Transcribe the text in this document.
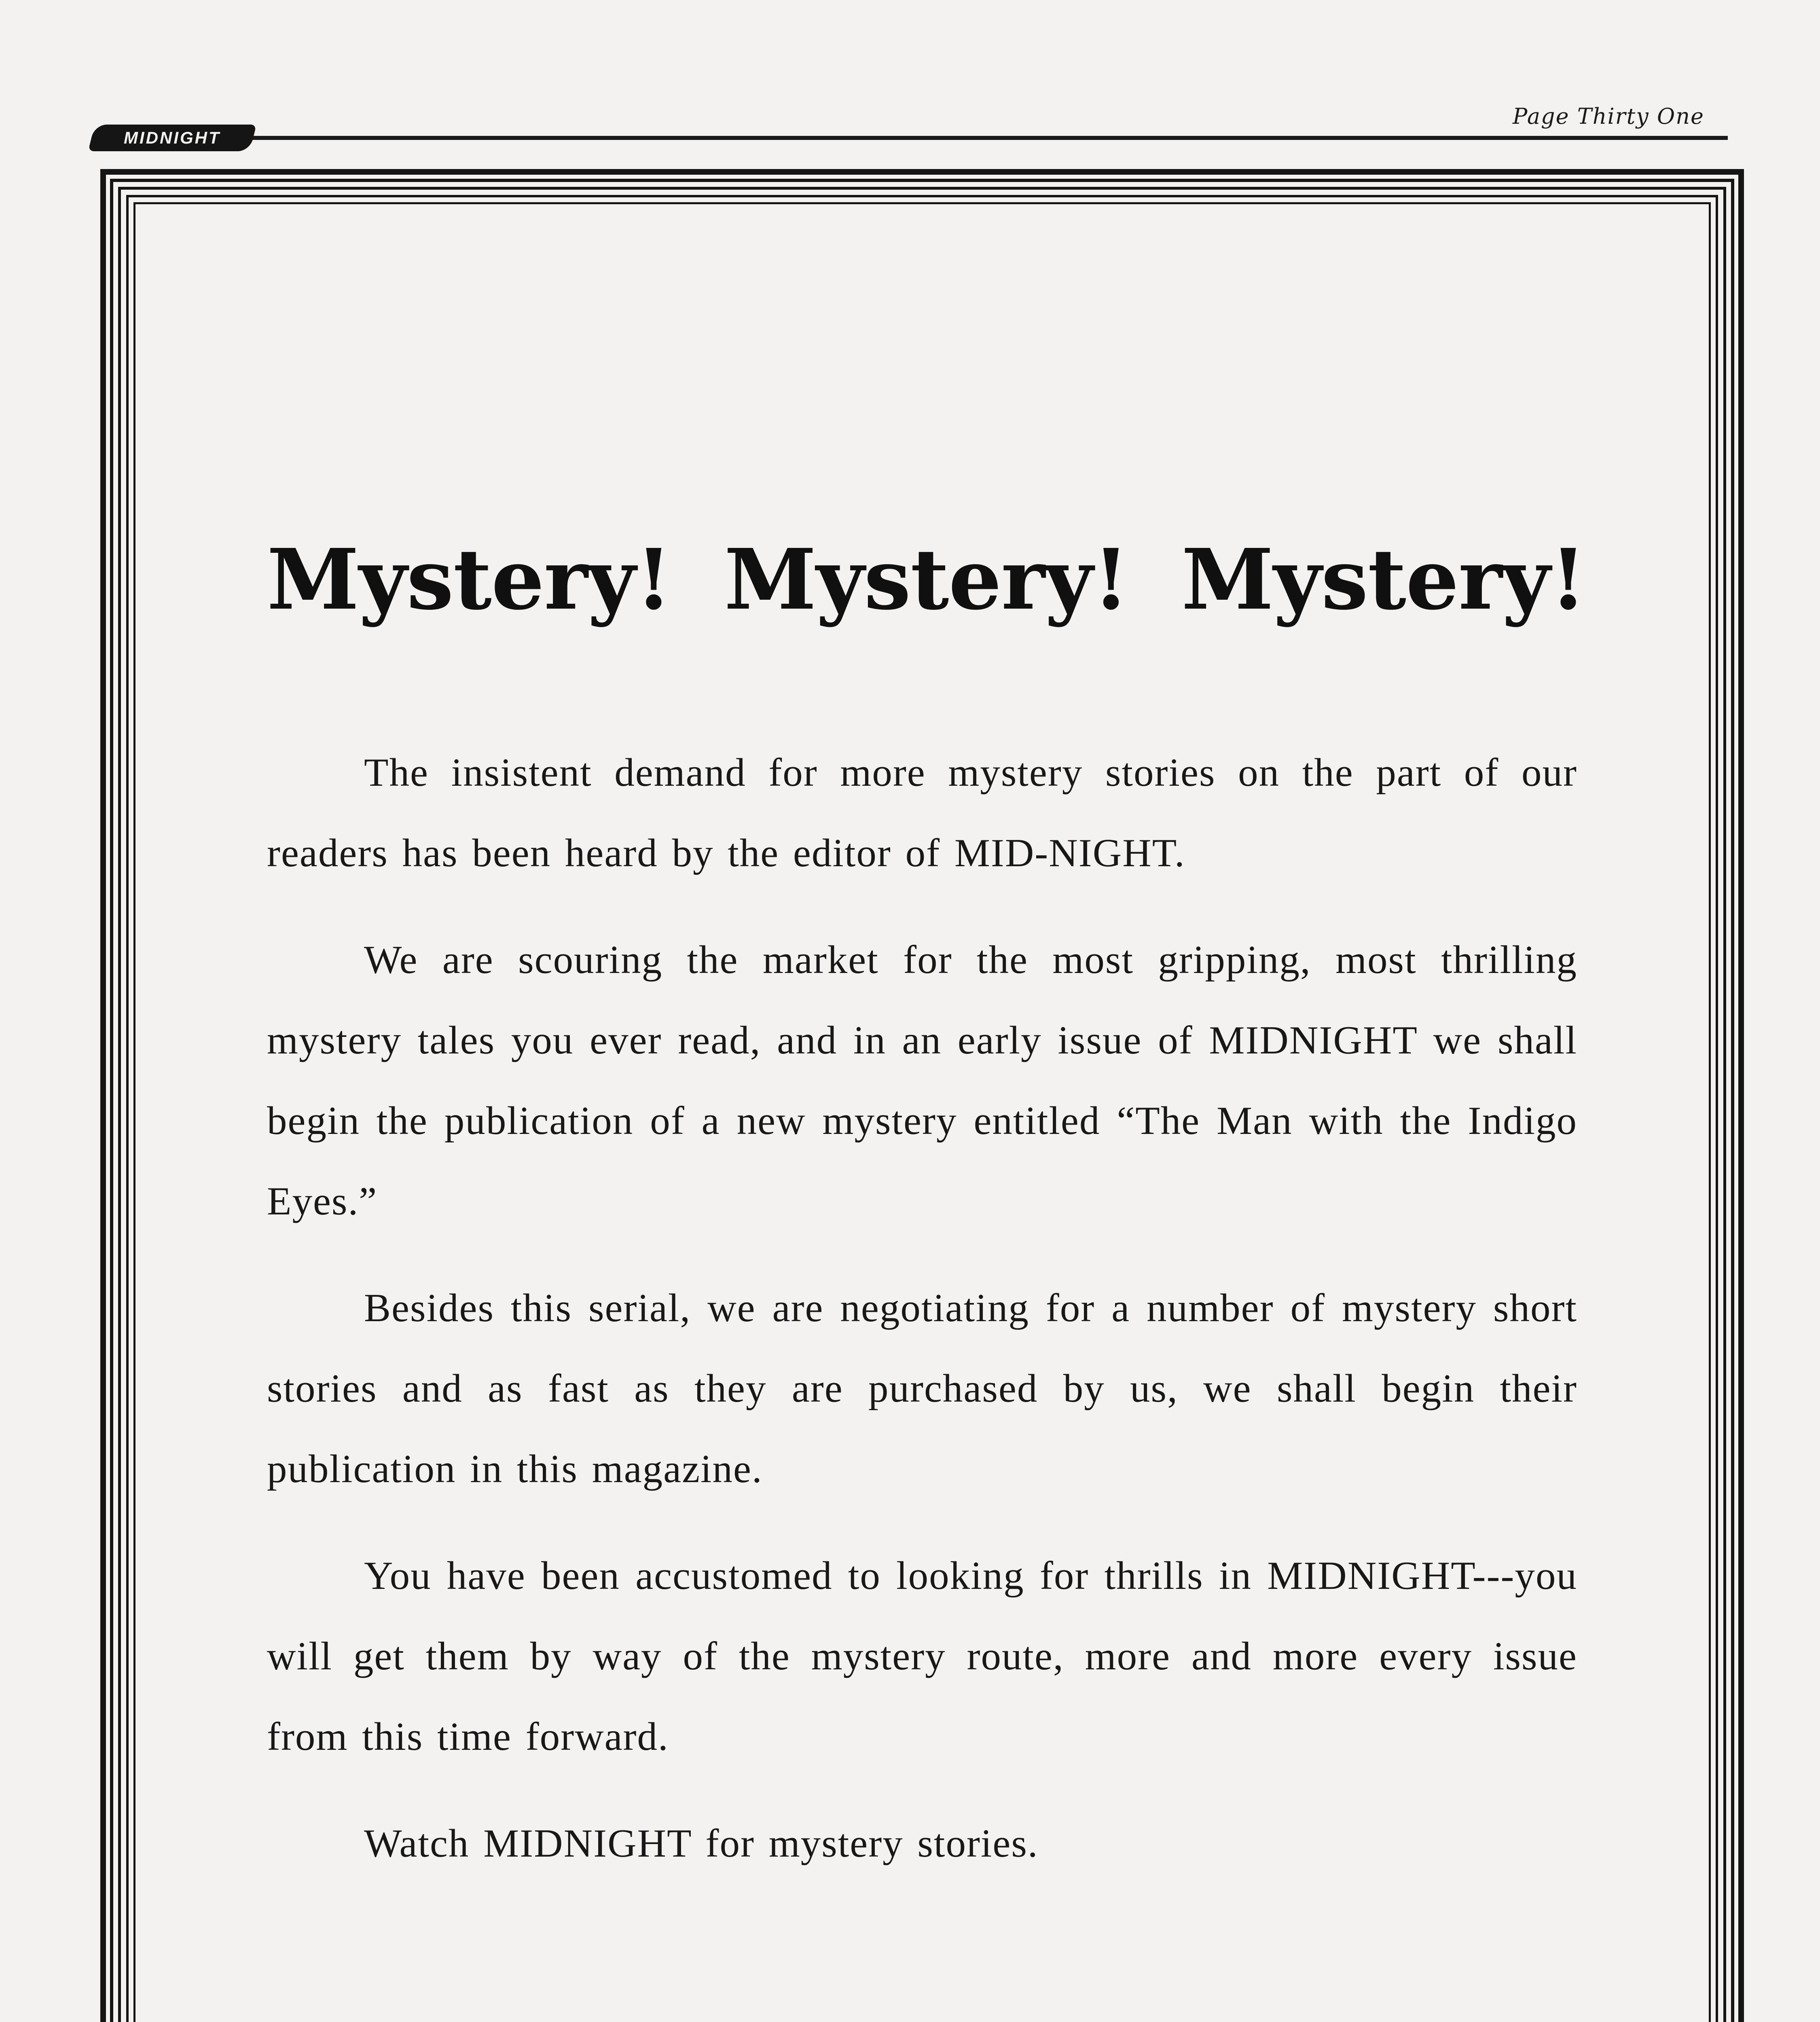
MIDNIGHT
Page Thirty One
Mystery! Mystery! Mystery!

The insistent demand for more mystery stories on the part of our readers has been heard by the editor of MID-NIGHT.

We are scouring the market for the most gripping, most thrilling mystery tales you ever read, and in an early issue of MIDNIGHT we shall begin the publication of a new mystery entitled “The Man with the Indigo Eyes.”

Besides this serial, we are negotiating for a number of mystery short stories and as fast as they are purchased by us, we shall begin their publication in this magazine.

You have been accustomed to looking for thrills in MIDNIGHT---you will get them by way of the mystery route, more and more every issue from this time forward.

Watch MIDNIGHT for mystery stories.
